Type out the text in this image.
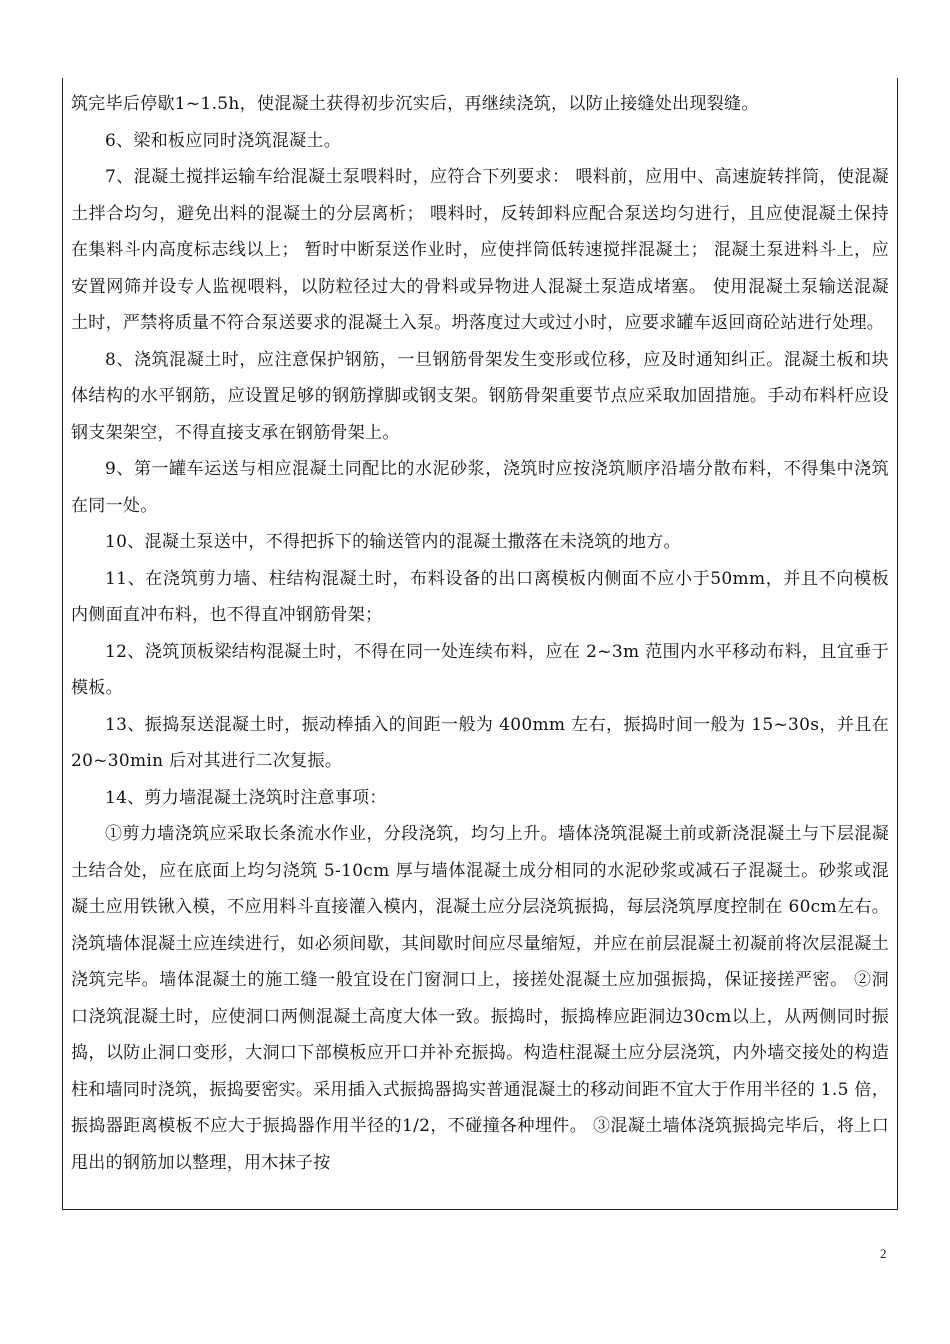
筑完毕后停歇1~1.5h，使混凝土获得初步沉实后，再继续浇筑，以防止接缝处出现裂缝。

6、梁和板应同时浇筑混凝土。

7、混凝土搅拌运输车给混凝土泵喂料时，应符合下列要求： 喂料前，应用中、高速旋转拌筒，使混凝土拌合均匀，避免出料的混凝土的分层离析； 喂料时，反转卸料应配合泵送均匀进行，且应使混凝土保持在集料斗内高度标志线以上； 暂时中断泵送作业时，应使拌筒低转速搅拌混凝土； 混凝土泵进料斗上，应安置网筛并设专人监视喂料，以防粒径过大的骨料或异物进人混凝土泵造成堵塞。 使用混凝土泵输送混凝土时，严禁将质量不符合泵送要求的混凝土入泵。坍落度过大或过小时，应要求罐车返回商砼站进行处理。

8、浇筑混凝土时，应注意保护钢筋，一旦钢筋骨架发生变形或位移，应及时通知纠正。混凝土板和块体结构的水平钢筋，应设置足够的钢筋撑脚或钢支架。钢筋骨架重要节点应采取加固措施。手动布料杆应设钢支架架空，不得直接支承在钢筋骨架上。

9、第一罐车运送与相应混凝土同配比的水泥砂浆，浇筑时应按浇筑顺序沿墙分散布料，不得集中浇筑在同一处。

10、混凝土泵送中，不得把拆下的输送管内的混凝土撒落在未浇筑的地方。

11、在浇筑剪力墙、柱结构混凝土时，布料设备的出口离模板内侧面不应小于50mm，并且不向模板内侧面直冲布料，也不得直冲钢筋骨架；

12、浇筑顶板梁结构混凝土时，不得在同一处连续布料，应在 2~3m 范围内水平移动布料，且宜垂于模板。

13、振捣泵送混凝土时，振动棒插入的间距一般为 400mm 左右，振捣时间一般为 15~30s，并且在 20~30min 后对其进行二次复振。

14、剪力墙混凝土浇筑时注意事项：

①剪力墙浇筑应采取长条流水作业，分段浇筑，均匀上升。墙体浇筑混凝土前或新浇混凝土与下层混凝土结合处，应在底面上均匀浇筑 5-10cm 厚与墙体混凝土成分相同的水泥砂浆或减石子混凝土。砂浆或混凝土应用铁锹入模，不应用料斗直接灌入模内，混凝土应分层浇筑振捣，每层浇筑厚度控制在 60cm左右。浇筑墙体混凝土应连续进行，如必须间歇，其间歇时间应尽量缩短，并应在前层混凝土初凝前将次层混凝土浇筑完毕。墙体混凝土的施工缝一般宜设在门窗洞口上，接搓处混凝土应加强振捣，保证接搓严密。 ②洞口浇筑混凝土时，应使洞口两侧混凝土高度大体一致。振捣时，振捣棒应距洞边30cm以上，从两侧同时振捣，以防止洞口变形，大洞口下部模板应开口并补充振捣。构造柱混凝土应分层浇筑，内外墙交接处的构造柱和墙同时浇筑，振捣要密实。采用插入式振捣器捣实普通混凝土的移动间距不宜大于作用半径的 1.5 倍，振捣器距离模板不应大于振捣器作用半径的1/2，不碰撞各种埋件。 ③混凝土墙体浇筑振捣完毕后，将上口甩出的钢筋加以整理，用木抹子按

2
